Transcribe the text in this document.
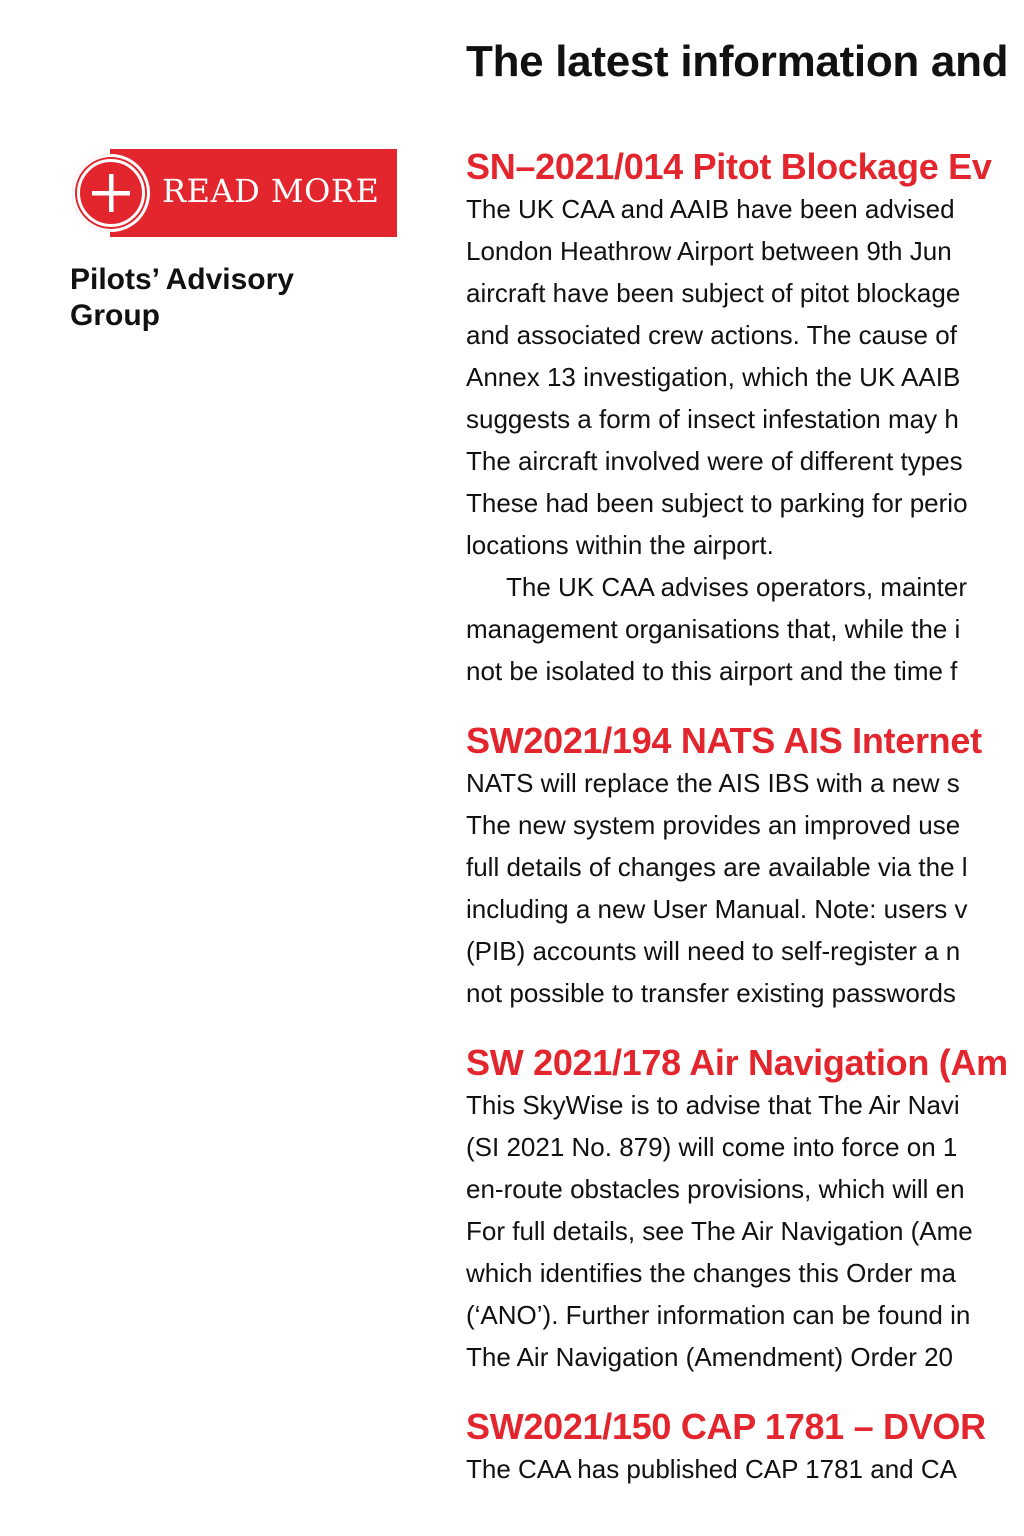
The latest information and
READ MORE
Pilots’ Advisory
Group
SN–2021/014 Pitot Blockage Ev

The UK CAA and AAIB have been advised
London Heathrow Airport between 9th Jun
aircraft have been subject of pitot blockage
and associated crew actions. The cause of
Annex 13 investigation, which the UK AAIB
suggests a form of insect infestation may h
The aircraft involved were of different types
These had been subject to parking for perio
locations within the airport.

The UK CAA advises operators, mainter
management organisations that, while the i
not be isolated to this airport and the time f

SW2021/194 NATS AIS Internet

NATS will replace the AIS IBS with a new s
The new system provides an improved use
full details of changes are available via the l
including a new User Manual. Note: users v
(PIB) accounts will need to self-register a n
not possible to transfer existing passwords

SW 2021/178 Air Navigation (Am

This SkyWise is to advise that The Air Navi
(SI 2021 No. 879) will come into force on 1
en-route obstacles provisions, which will en
For full details, see The Air Navigation (Ame
which identifies the changes this Order ma
(‘ANO’). Further information can be found in
The Air Navigation (Amendment) Order 20

SW2021/150 CAP 1781 – DVOR

The CAA has published CAP 1781 and CA
